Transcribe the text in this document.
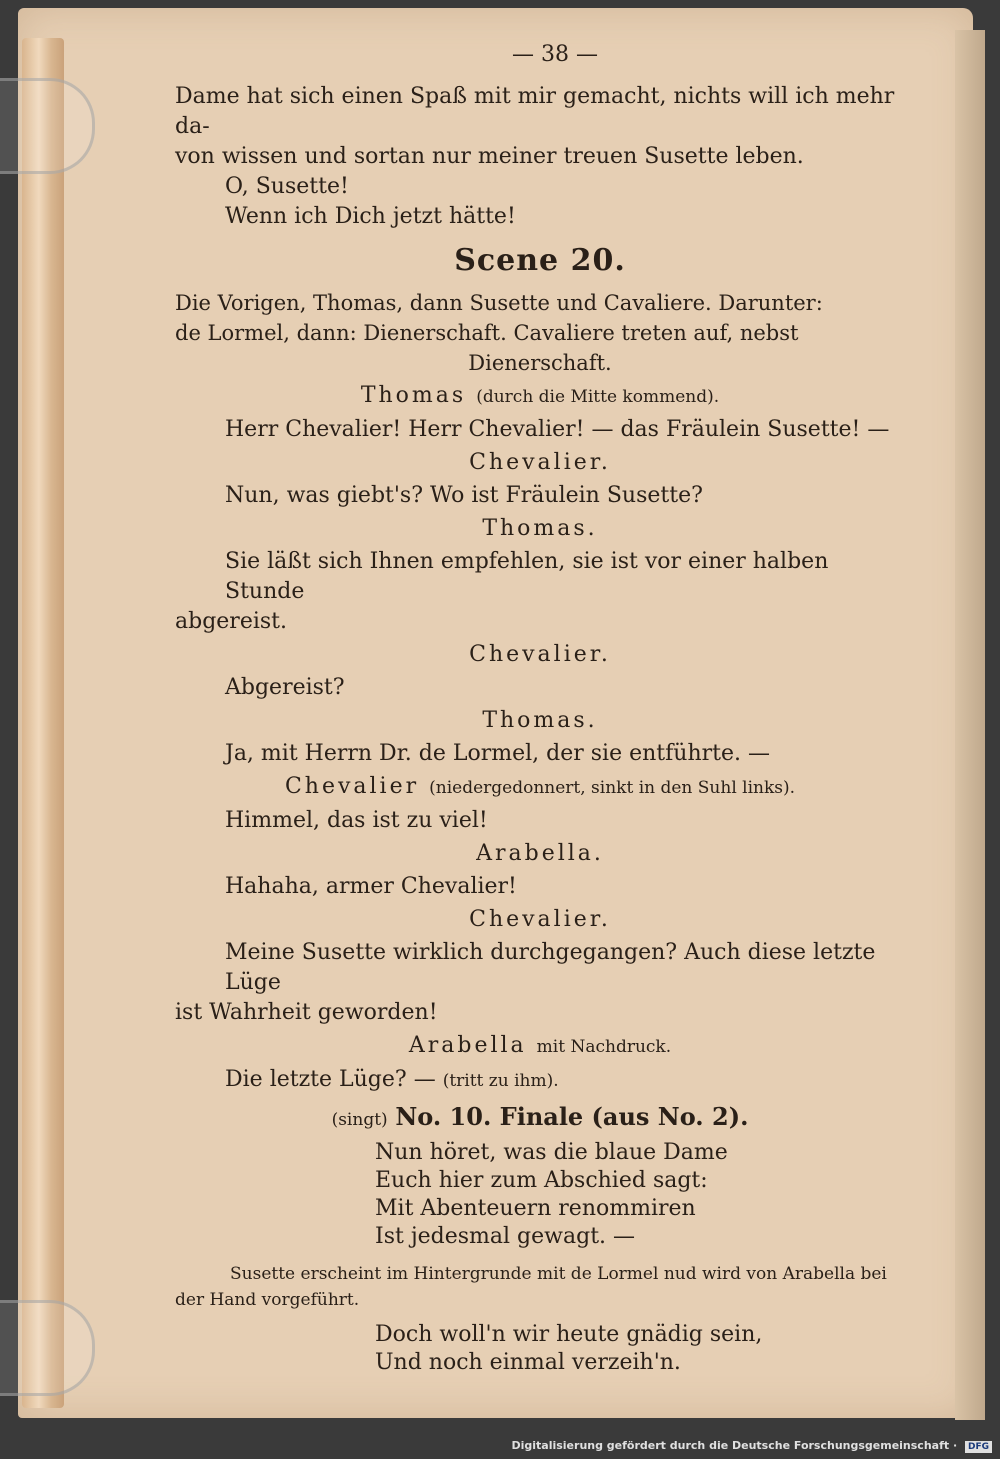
— 38 —

Dame hat sich einen Spaß mit mir gemacht, nichts will ich mehr da-

von wissen und sortan nur meiner treuen Susette leben.

O, Susette!

Wenn ich Dich jetzt hätte!

Scene 20.

Die Vorigen, Thomas, dann Susette und Cavaliere. Darunter:

de Lormel, dann: Dienerschaft. Cavaliere treten auf, nebst

Dienerschaft.
Thomas (durch die Mitte kommend).

Herr Chevalier! Herr Chevalier! — das Fräulein Susette! —

Chevalier.

Nun, was giebt's? Wo ist Fräulein Susette?

Thomas.

Sie läßt sich Ihnen empfehlen, sie ist vor einer halben Stunde

abgereist.

Chevalier.

Abgereist?

Thomas.

Ja, mit Herrn Dr. de Lormel, der sie entführte. —

Chevalier (niedergedonnert, sinkt in den Suhl links).

Himmel, das ist zu viel!

Arabella.

Hahaha, armer Chevalier!

Chevalier.

Meine Susette wirklich durchgegangen? Auch diese letzte Lüge

ist Wahrheit geworden!

Arabella mit Nachdruck.

Die letzte Lüge? — (tritt zu ihm).

(singt) No. 10. Finale (aus No. 2).

Nun höret, was die blaue Dame

Euch hier zum Abschied sagt:

Mit Abenteuern renommiren

Ist jedesmal gewagt. —

Susette erscheint im Hintergrunde mit de Lormel nud wird von Arabella bei

der Hand vorgeführt.

Doch woll'n wir heute gnädig sein,

Und noch einmal verzeih'n.

Digitalisierung gefördert durch die Deutsche Forschungsgemeinschaft · DFG
